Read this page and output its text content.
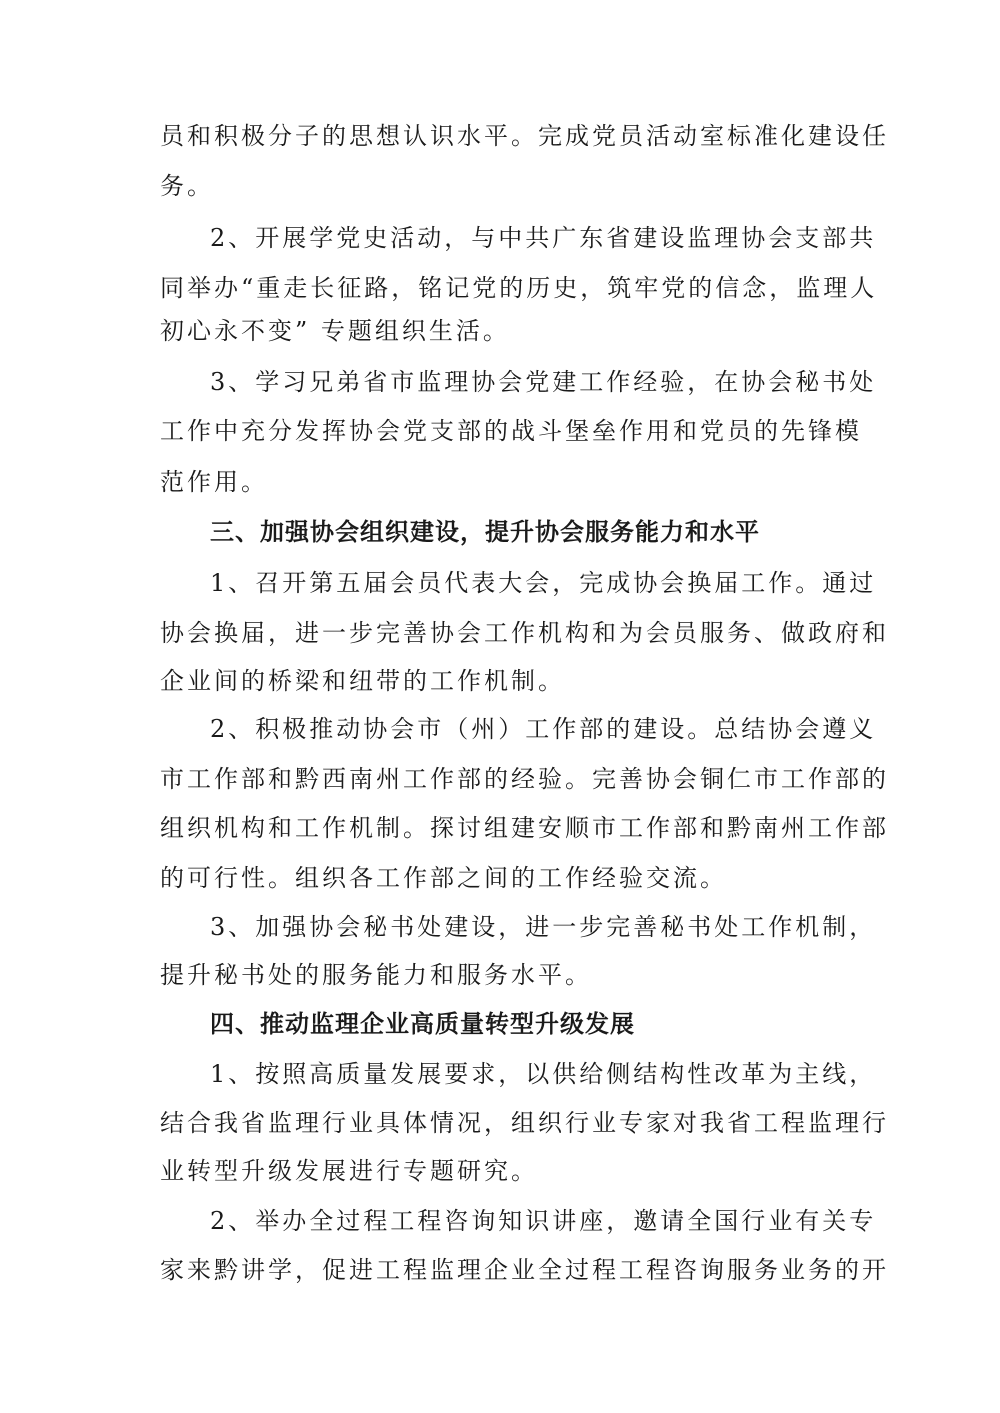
员和积极分子的思想认识水平。完成党员活动室标准化建设任
务。
2、开展学党史活动，与中共广东省建设监理协会支部共
同举办“重走长征路，铭记党的历史，筑牢党的信念，监理人
初心永不变” 专题组织生活。
3、学习兄弟省市监理协会党建工作经验，在协会秘书处
工作中充分发挥协会党支部的战斗堡垒作用和党员的先锋模
范作用。
三、加强协会组织建设，提升协会服务能力和水平
1、召开第五届会员代表大会，完成协会换届工作。通过
协会换届，进一步完善协会工作机构和为会员服务、做政府和
企业间的桥梁和纽带的工作机制。
2、积极推动协会市（州）工作部的建设。总结协会遵义
市工作部和黔西南州工作部的经验。完善协会铜仁市工作部的
组织机构和工作机制。探讨组建安顺市工作部和黔南州工作部
的可行性。组织各工作部之间的工作经验交流。
3、加强协会秘书处建设，进一步完善秘书处工作机制，
提升秘书处的服务能力和服务水平。
四、推动监理企业高质量转型升级发展
1、按照高质量发展要求，以供给侧结构性改革为主线，
结合我省监理行业具体情况，组织行业专家对我省工程监理行
业转型升级发展进行专题研究。
2、举办全过程工程咨询知识讲座，邀请全国行业有关专
家来黔讲学，促进工程监理企业全过程工程咨询服务业务的开
